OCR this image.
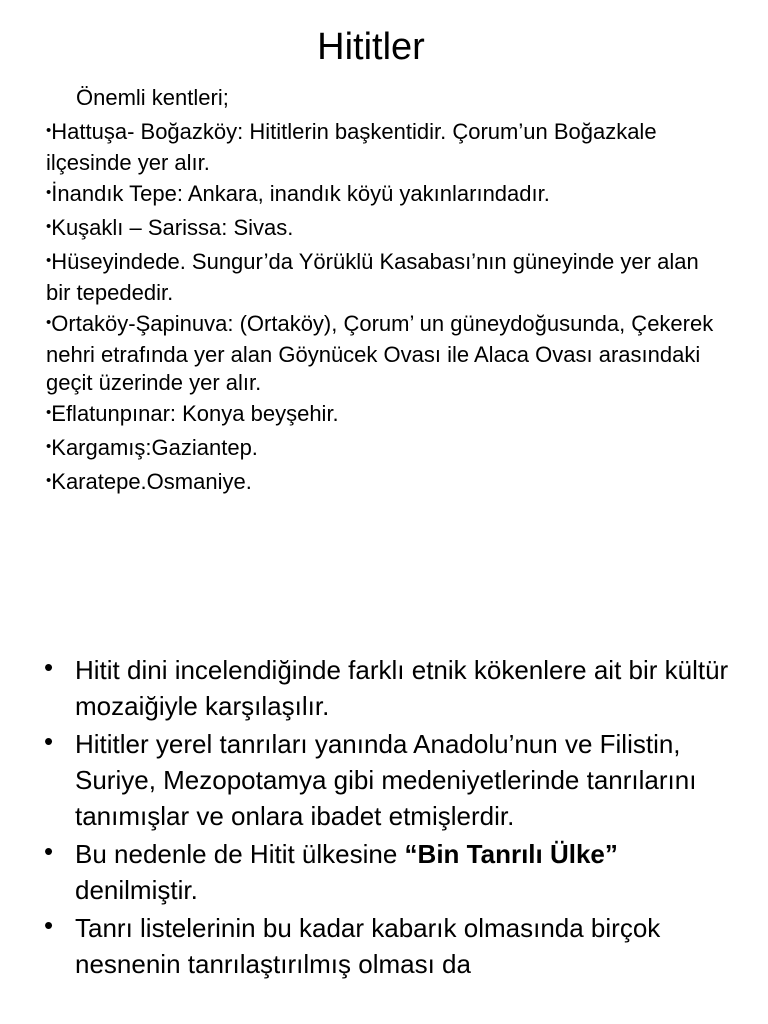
Hititler
Önemli kentleri;
•Hattuşa- Boğazköy: Hititlerin başkentidir. Çorum’un Boğazkale ilçesinde yer alır.
•İnandık Tepe: Ankara, inandık köyü yakınlarındadır.
•Kuşaklı – Sarissa: Sivas.
•Hüseyindede. Sungur’da Yörüklü Kasabası’nın güneyinde yer alan bir tepededir.
•Ortaköy-Şapinuva: (Ortaköy), Çorum’ un güneydoğusunda, Çekerek nehri etrafında yer alan Göynücek Ovası ile Alaca Ovası arasındaki geçit üzerinde yer alır.
•Eflatunpınar: Konya beyşehir.
•Kargamış:Gaziantep.
•Karatepe.Osmaniye.
• Hitit dini incelendiğinde farklı etnik kökenlere ait bir kültür mozaiğiyle karşılaşılır.
• Hititler yerel tanrıları yanında Anadolu’nun ve Filistin, Suriye, Mezopotamya gibi medeniyetlerinde tanrılarını tanımışlar ve onlara ibadet etmişlerdir.
• Bu nedenle de Hitit ülkesine “Bin Tanrılı Ülke” denilmiştir.
• Tanrı listelerinin bu kadar kabarık olmasında birçok nesnenin tanrılaştırılmış olması da
